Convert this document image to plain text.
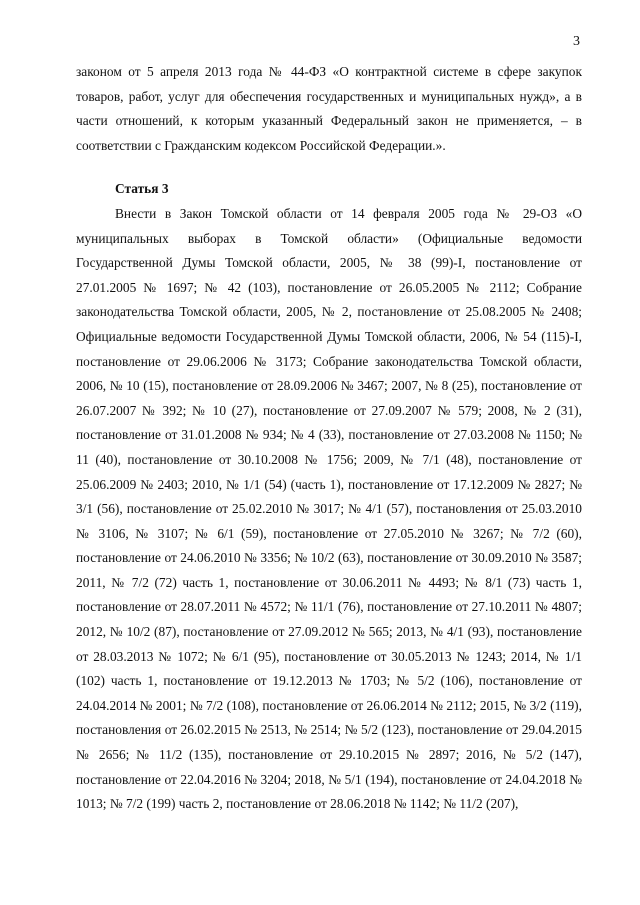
3

законом от 5 апреля 2013 года № 44-ФЗ «О контрактной системе в сфере закупок товаров, работ, услуг для обеспечения государственных и муниципальных нужд», а в части отношений, к которым указанный Федеральный закон не применяется, – в соответствии с Гражданским кодексом Российской Федерации.».

Статья 3

Внести в Закон Томской области от 14 февраля 2005 года № 29-ОЗ «О муниципальных выборах в Томской области» (Официальные ведомости Государственной Думы Томской области, 2005, № 38 (99)-I, постановление от 27.01.2005 № 1697; № 42 (103), постановление от 26.05.2005 № 2112; Собрание законодательства Томской области, 2005, № 2, постановление от 25.08.2005 № 2408; Официальные ведомости Государственной Думы Томской области, 2006, № 54 (115)-I, постановление от 29.06.2006 № 3173; Собрание законодательства Томской области, 2006, № 10 (15), постановление от 28.09.2006 № 3467; 2007, № 8 (25), постановление от 26.07.2007 № 392; № 10 (27), постановление от 27.09.2007 № 579; 2008, № 2 (31), постановление от 31.01.2008 № 934; № 4 (33), постановление от 27.03.2008 № 1150; № 11 (40), постановление от 30.10.2008 № 1756; 2009, № 7/1 (48), постановление от 25.06.2009 № 2403; 2010, № 1/1 (54) (часть 1), постановление от 17.12.2009 № 2827; № 3/1 (56), постановление от 25.02.2010 № 3017; № 4/1 (57), постановления от 25.03.2010 № 3106, № 3107; № 6/1 (59), постановление от 27.05.2010 № 3267; № 7/2 (60), постановление от 24.06.2010 № 3356; № 10/2 (63), постановление от 30.09.2010 № 3587; 2011, № 7/2 (72) часть 1, постановление от 30.06.2011 № 4493; № 8/1 (73) часть 1, постановление от 28.07.2011 № 4572; № 11/1 (76), постановление от 27.10.2011 № 4807; 2012, № 10/2 (87), постановление от 27.09.2012 № 565; 2013, № 4/1 (93), постановление от 28.03.2013 № 1072; № 6/1 (95), постановление от 30.05.2013 № 1243; 2014, № 1/1 (102) часть 1, постановление от 19.12.2013 № 1703; № 5/2 (106), постановление от 24.04.2014 № 2001; № 7/2 (108), постановление от 26.06.2014 № 2112; 2015, № 3/2 (119), постановления от 26.02.2015 № 2513, № 2514; № 5/2 (123), постановление от 29.04.2015 № 2656; № 11/2 (135), постановление от 29.10.2015 № 2897; 2016, № 5/2 (147), постановление от 22.04.2016 № 3204; 2018, № 5/1 (194), постановление от 24.04.2018 № 1013; № 7/2 (199) часть 2, постановление от 28.06.2018 № 1142; № 11/2 (207),
